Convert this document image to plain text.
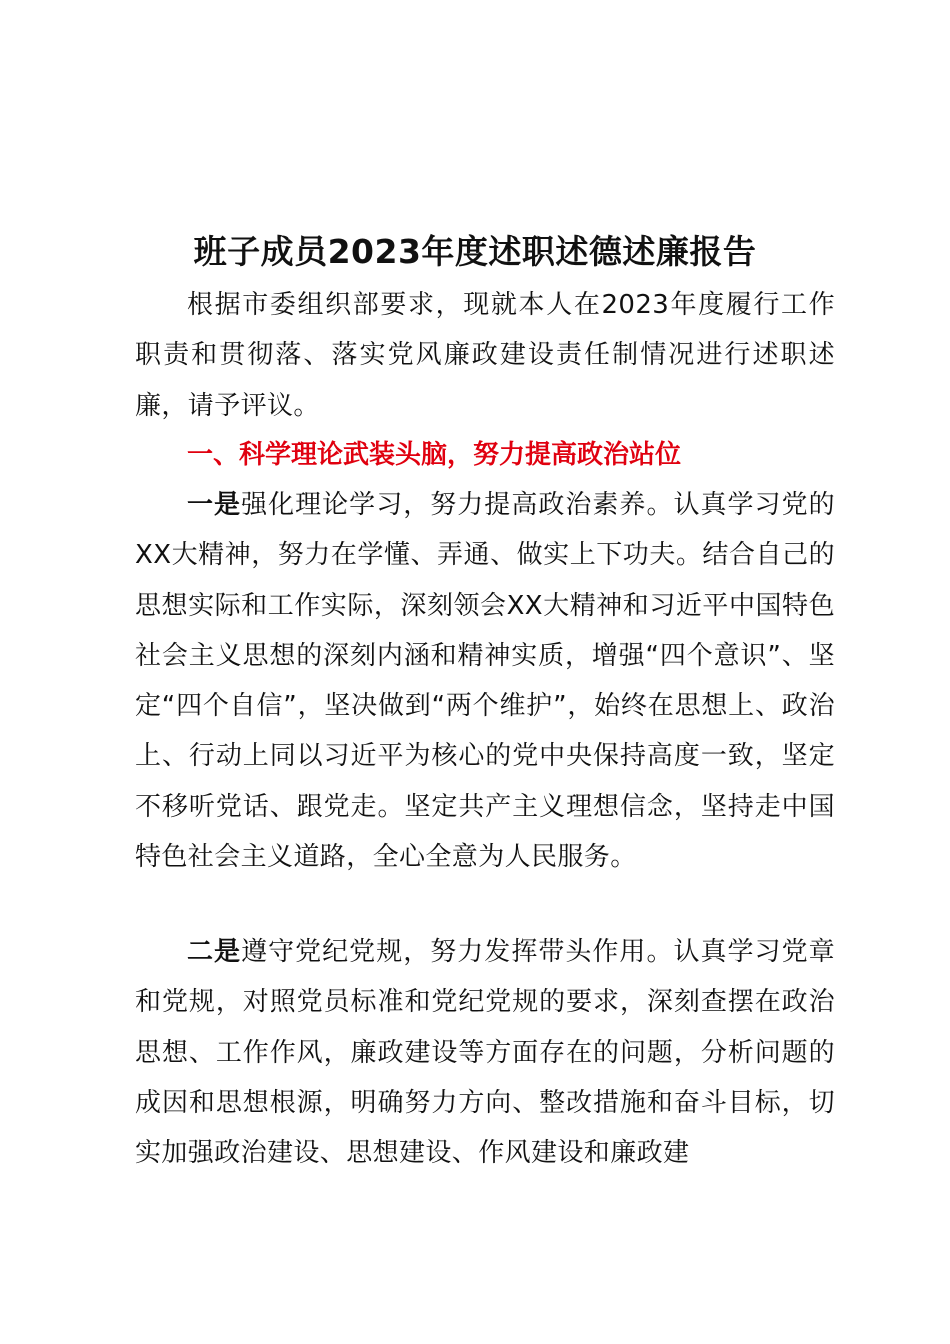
班子成员2023年度述职述德述廉报告

根据市委组织部要求，现就本人在2023年度履行工作职责和贯彻落、落实党风廉政建设责任制情况进行述职述廉，请予评议。

一、科学理论武装头脑，努力提高政治站位

一是强化理论学习，努力提高政治素养。认真学习党的XX大精神，努力在学懂、弄通、做实上下功夫。结合自己的思想实际和工作实际，深刻领会XX大精神和习近平中国特色社会主义思想的深刻内涵和精神实质，增强“四个意识”、坚定“四个自信”，坚决做到“两个维护”，始终在思想上、政治上、行动上同以习近平为核心的党中央保持高度一致，坚定不移听党话、跟党走。坚定共产主义理想信念，坚持走中国特色社会主义道路，全心全意为人民服务。

二是遵守党纪党规，努力发挥带头作用。认真学习党章和党规，对照党员标准和党纪党规的要求，深刻查摆在政治思想、工作作风，廉政建设等方面存在的问题，分析问题的成因和思想根源，明确努力方向、整改措施和奋斗目标，切实加强政治建设、思想建设、作风建设和廉政建
